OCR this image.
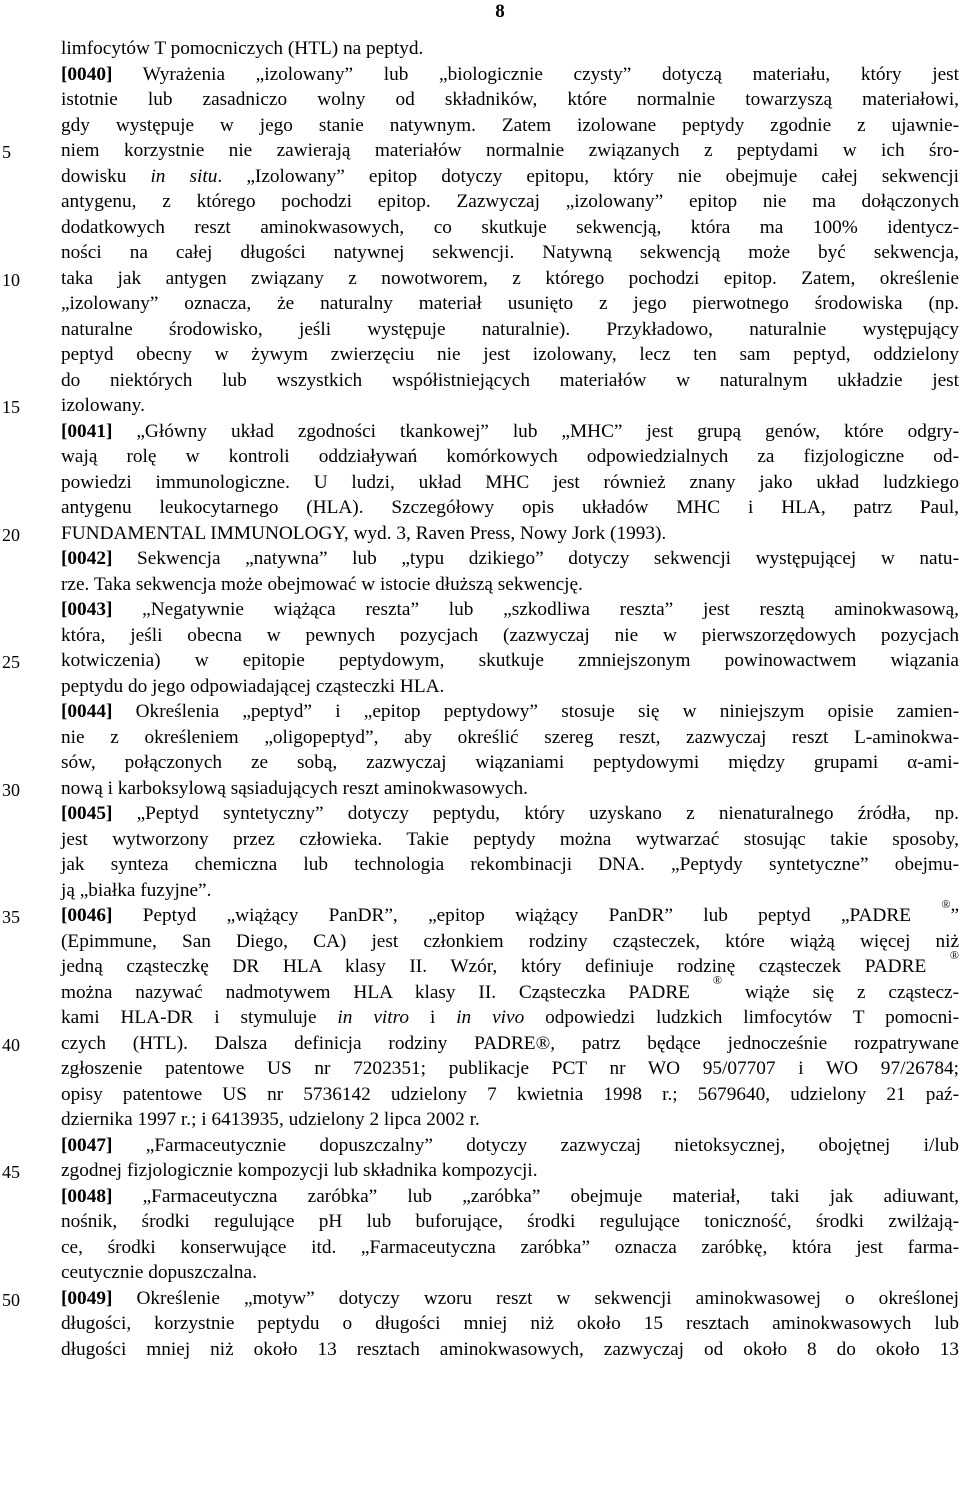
8
5
10
15
20
25
30
35
40
45
50
limfocytów T pomocniczych (HTL) na peptyd.
[0040] Wyrażenia „izolowany” lub „biologicznie czysty” dotyczą materiału, który jest
istotnie lub zasadniczo wolny od składników, które normalnie towarzyszą materiałowi,
gdy występuje w jego stanie natywnym. Zatem izolowane peptydy zgodnie z ujawnie-
niem korzystnie nie zawierają materiałów normalnie związanych z peptydami w ich śro-
dowisku in situ. „Izolowany” epitop dotyczy epitopu, który nie obejmuje całej sekwencji
antygenu, z którego pochodzi epitop. Zazwyczaj „izolowany” epitop nie ma dołączonych
dodatkowych reszt aminokwasowych, co skutkuje sekwencją, która ma 100% identycz-
ności na całej długości natywnej sekwencji. Natywną sekwencją może być sekwencja,
taka jak antygen związany z nowotworem, z którego pochodzi epitop. Zatem, określenie
„izolowany” oznacza, że naturalny materiał usunięto z jego pierwotnego środowiska (np.
naturalne środowisko, jeśli występuje naturalnie). Przykładowo, naturalnie występujący
peptyd obecny w żywym zwierzęciu nie jest izolowany, lecz ten sam peptyd, oddzielony
do niektórych lub wszystkich współistniejących materiałów w naturalnym układzie jest
izolowany.
[0041] „Główny układ zgodności tkankowej” lub „MHC” jest grupą genów, które odgry-
wają rolę w kontroli oddziaływań komórkowych odpowiedzialnych za fizjologiczne od-
powiedzi immunologiczne. U ludzi, układ MHC jest również znany jako układ ludzkiego
antygenu leukocytarnego (HLA). Szczegółowy opis układów MHC i HLA, patrz Paul,
FUNDAMENTAL IMMUNOLOGY, wyd. 3, Raven Press, Nowy Jork (1993).
[0042] Sekwencja „natywna” lub „typu dzikiego” dotyczy sekwencji występującej w natu-
rze. Taka sekwencja może obejmować w istocie dłuższą sekwencję.
[0043] „Negatywnie wiążąca reszta” lub „szkodliwa reszta” jest resztą aminokwasową,
która, jeśli obecna w pewnych pozycjach (zazwyczaj nie w pierwszorzędowych pozycjach
kotwiczenia) w epitopie peptydowym, skutkuje zmniejszonym powinowactwem wiązania
peptydu do jego odpowiadającej cząsteczki HLA.
[0044] Określenia „peptyd” i „epitop peptydowy” stosuje się w niniejszym opisie zamien-
nie z określeniem „oligopeptyd”, aby określić szereg reszt, zazwyczaj reszt L-aminokwa-
sów, połączonych ze sobą, zazwyczaj wiązaniami peptydowymi między grupami α-ami-
nową i karboksylową sąsiadujących reszt aminokwasowych.
[0045] „Peptyd syntetyczny” dotyczy peptydu, który uzyskano z nienaturalnego źródła, np.
jest wytworzony przez człowieka. Takie peptydy można wytwarzać stosując takie sposoby,
jak synteza chemiczna lub technologia rekombinacji DNA. „Peptydy syntetyczne” obejmu-
ją „białka fuzyjne”.
[0046] Peptyd „wiążący PanDR”, „epitop wiążący PanDR” lub peptyd „PADRE ®”
(Epimmune, San Diego, CA) jest członkiem rodziny cząsteczek, które wiążą więcej niż
jedną cząsteczkę DR HLA klasy II. Wzór, który definiuje rodzinę cząsteczek PADRE ®
można nazywać nadmotywem HLA klasy II. Cząsteczka PADRE ® wiąże się z cząstecz-
kami HLA-DR i stymuluje in vitro i in vivo odpowiedzi ludzkich limfocytów T pomocni-
czych (HTL). Dalsza definicja rodziny PADRE®, patrz będące jednocześnie rozpatrywane
zgłoszenie patentowe US nr 7202351; publikacje PCT nr WO 95/07707 i WO 97/26784;
opisy patentowe US nr 5736142 udzielony 7 kwietnia 1998 r.; 5679640, udzielony 21 paź-
dziernika 1997 r.; i 6413935, udzielony 2 lipca 2002 r.
[0047] „Farmaceutycznie dopuszczalny” dotyczy zazwyczaj nietoksycznej, obojętnej i/lub
zgodnej fizjologicznie kompozycji lub składnika kompozycji.
[0048] „Farmaceutyczna zaróbka” lub „zaróbka” obejmuje materiał, taki jak adiuwant,
nośnik, środki regulujące pH lub buforujące, środki regulujące toniczność, środki zwilżają-
ce, środki konserwujące itd. „Farmaceutyczna zaróbka” oznacza zaróbkę, która jest farma-
ceutycznie dopuszczalna.
[0049] Określenie „motyw” dotyczy wzoru reszt w sekwencji aminokwasowej o określonej
długości, korzystnie peptydu o długości mniej niż około 15 resztach aminokwasowych lub
długości mniej niż około 13 resztach aminokwasowych, zazwyczaj od około 8 do około 13
